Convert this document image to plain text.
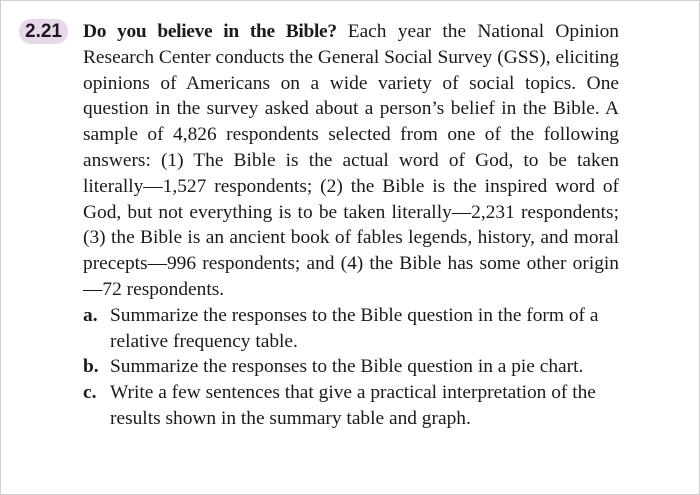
2.21	Do you believe in the Bible? Each year the National Opinion Research Center conducts the General Social Survey (GSS), eliciting opinions of Americans on a wide variety of social topics. One question in the survey asked about a person’s belief in the Bible. A sample of 4,826 respondents selected from one of the following answers: (1) The Bible is the actual word of God, to be taken literally—1,527 respondents; (2) the Bible is the inspired word of God, but not everything is to be taken literally—2,231 respondents; (3) the Bible is an ancient book of fables legends, history, and moral precepts—996 respondents; and (4) the Bible has some other origin—72 respondents.
a. Summarize the responses to the Bible question in the form of a relative frequency table.
b. Summarize the responses to the Bible question in a pie chart.
c. Write a few sentences that give a practical interpretation of the results shown in the summary table and graph.
